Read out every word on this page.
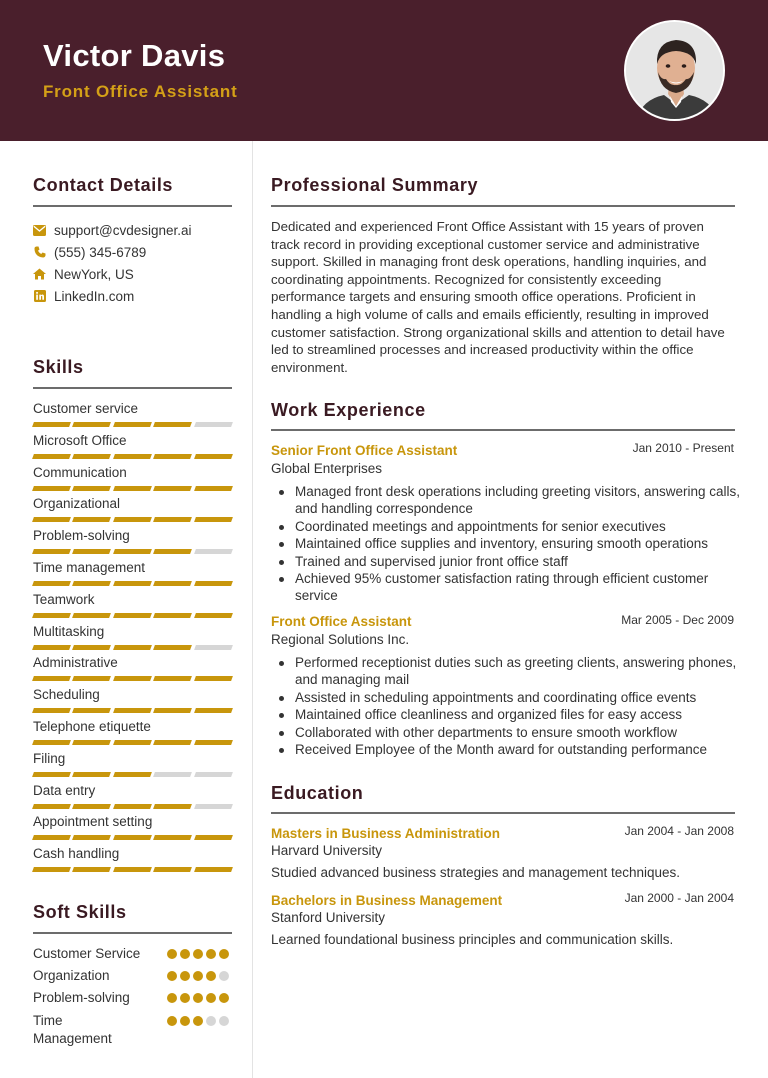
Victor Davis
Front Office Assistant
Contact Details
support@cvdesigner.ai
(555) 345-6789
NewYork, US
LinkedIn.com
Skills
Customer service
Microsoft Office
Communication
Organizational
Problem-solving
Time management
Teamwork
Multitasking
Administrative
Scheduling
Telephone etiquette
Filing
Data entry
Appointment setting
Cash handling
Soft Skills
Customer Service
Organization
Problem-solving
Time Management
Professional Summary
Dedicated and experienced Front Office Assistant with 15 years of proven track record in providing exceptional customer service and administrative support. Skilled in managing front desk operations, handling inquiries, and coordinating appointments. Recognized for consistently exceeding performance targets and ensuring smooth office operations. Proficient in handling a high volume of calls and emails efficiently, resulting in improved customer satisfaction. Strong organizational skills and attention to detail have led to streamlined processes and increased productivity within the office environment.
Work Experience
Senior Front Office Assistant	Jan 2010 - Present
Global Enterprises
Managed front desk operations including greeting visitors, answering calls, and handling correspondence
Coordinated meetings and appointments for senior executives
Maintained office supplies and inventory, ensuring smooth operations
Trained and supervised junior front office staff
Achieved 95% customer satisfaction rating through efficient customer service
Front Office Assistant	Mar 2005 - Dec 2009
Regional Solutions Inc.
Performed receptionist duties such as greeting clients, answering phones, and managing mail
Assisted in scheduling appointments and coordinating office events
Maintained office cleanliness and organized files for easy access
Collaborated with other departments to ensure smooth workflow
Received Employee of the Month award for outstanding performance
Education
Masters in Business Administration	Jan 2004 - Jan 2008
Harvard University
Studied advanced business strategies and management techniques.
Bachelors in Business Management	Jan 2000 - Jan 2004
Stanford University
Learned foundational business principles and communication skills.
